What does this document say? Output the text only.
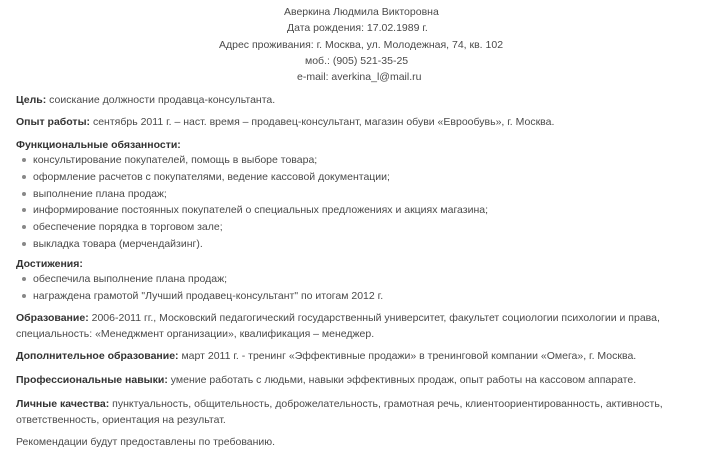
Аверкина Людмила Викторовна
Дата рождения: 17.02.1989 г.
Адрес проживания: г. Москва, ул. Молодежная, 74, кв. 102
моб.: (905) 521-35-25
e-mail: averkina_l@mail.ru
Цель: соискание должности продавца-консультанта.
Опыт работы: сентябрь 2011 г. – наст. время – продавец-консультант, магазин обуви «Евроoбувь», г. Москва.
Функциональные обязанности:
консультирование покупателей, помощь в выборе товара;
оформление расчетов с покупателями, ведение кассовой документации;
выполнение плана продаж;
информирование постоянных покупателей о специальных предложениях и акциях магазина;
обеспечение порядка в торговом зале;
выкладка товара (мерчендайзинг).
Достижения:
обеспечила выполнение плана продаж;
награждена грамотой "Лучший продавец-консультант" по итогам 2012 г.
Образование: 2006-2011 гг., Московский педагогический государственный университет, факультет социологии психологии и права, специальность: «Менеджмент организации», квалификация – менеджер.
Дополнительное образование: март 2011 г. - тренинг «Эффективные продажи» в тренинговой компании «Омега», г. Москва.
Профессиональные навыки: умение работать с людьми, навыки эффективных продаж, опыт работы на кассовом аппарате.
Личные качества: пунктуальность, общительность, доброжелательность, грамотная речь, клиентоориентированность, активность, ответственность, ориентация на результат.
Рекомендации будут предоставлены по требованию.
